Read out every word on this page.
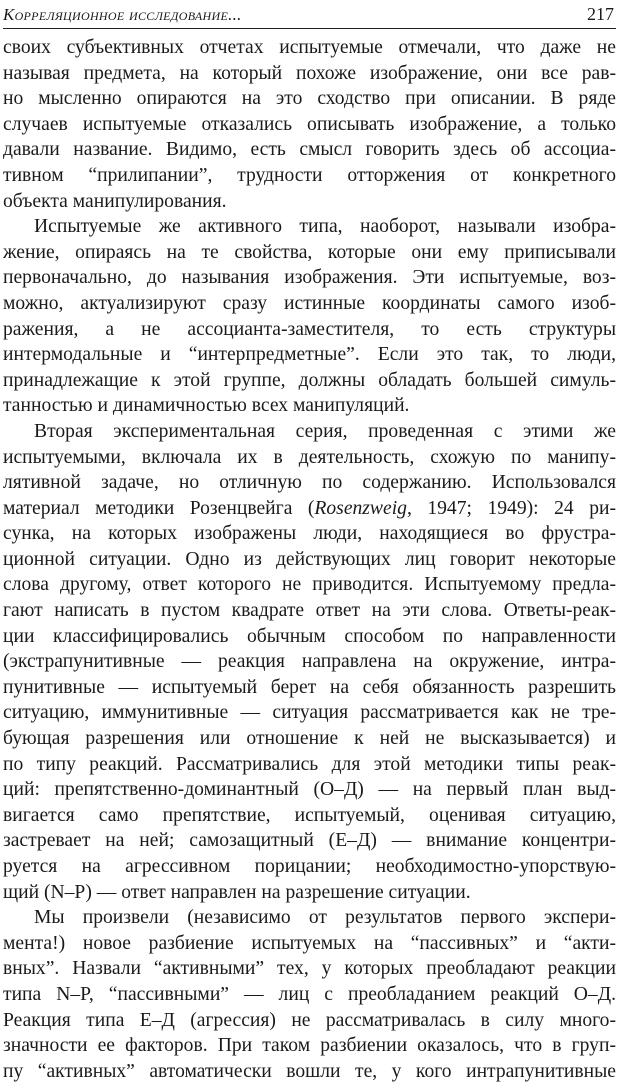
Корреляционное исследование...	217
своих субъективных отчетах испытуемые отмечали, что даже не
называя предмета, на который похоже изображение, они все рав-
но мысленно опираются на это сходство при описании. В ряде
случаев испытуемые отказались описывать изображение, а только
давали название. Видимо, есть смысл говорить здесь об ассоциа-
тивном “прилипании”, трудности отторжения от конкретного
объекта манипулирования.
Испытуемые же активного типа, наоборот, называли изобра-
жение, опираясь на те свойства, которые они ему приписывали
первоначально, до называния изображения. Эти испытуемые, воз-
можно, актуализируют сразу истинные координаты самого изоб-
ражения, а не ассоцианта-заместителя, то есть структуры
интермодальные и “интерпредметные”. Если это так, то люди,
принадлежащие к этой группе, должны обладать большей симуль-
танностью и динамичностью всех манипуляций.
Вторая экспериментальная серия, проведенная с этими же
испытуемыми, включала их в деятельность, схожую по манипу-
лятивной задаче, но отличную по содержанию. Использовался
материал методики Розенцвейга (Rosenzweig, 1947; 1949): 24 ри-
сунка, на которых изображены люди, находящиеся во фрустра-
ционной ситуации. Одно из действующих лиц говорит некоторые
слова другому, ответ которого не приводится. Испытуемому предла-
гают написать в пустом квадрате ответ на эти слова. Ответы-реак-
ции классифицировались обычным способом по направленности
(экстрапунитивные — реакция направлена на окружение, интра-
пунитивные — испытуемый берет на себя обязанность разрешить
ситуацию, иммунитивные — ситуация рассматривается как не тре-
бующая разрешения или отношение к ней не высказывается) и
по типу реакций. Рассматривались для этой методики типы реак-
ций: препятственно-доминантный (О–Д) — на первый план выд-
вигается само препятствие, испытуемый, оценивая ситуацию,
застревает на ней; самозащитный (Е–Д) — внимание концентри-
руется на агрессивном порицании; необходимостно-упорствую-
щий (N–P) — ответ направлен на разрешение ситуации.
Мы произвели (независимо от результатов первого экспери-
мента!) новое разбиение испытуемых на “пассивных” и “акти-
вных”. Назвали “активными” тех, у которых преобладают реакции
типа N–P, “пассивными” — лиц с преобладанием реакций О–Д.
Реакция типа Е–Д (агрессия) не рассматривалась в силу много-
значности ее факторов. При таком разбиении оказалось, что в груп-
пу “активных” автоматически вошли те, у кого интрапунитивные
